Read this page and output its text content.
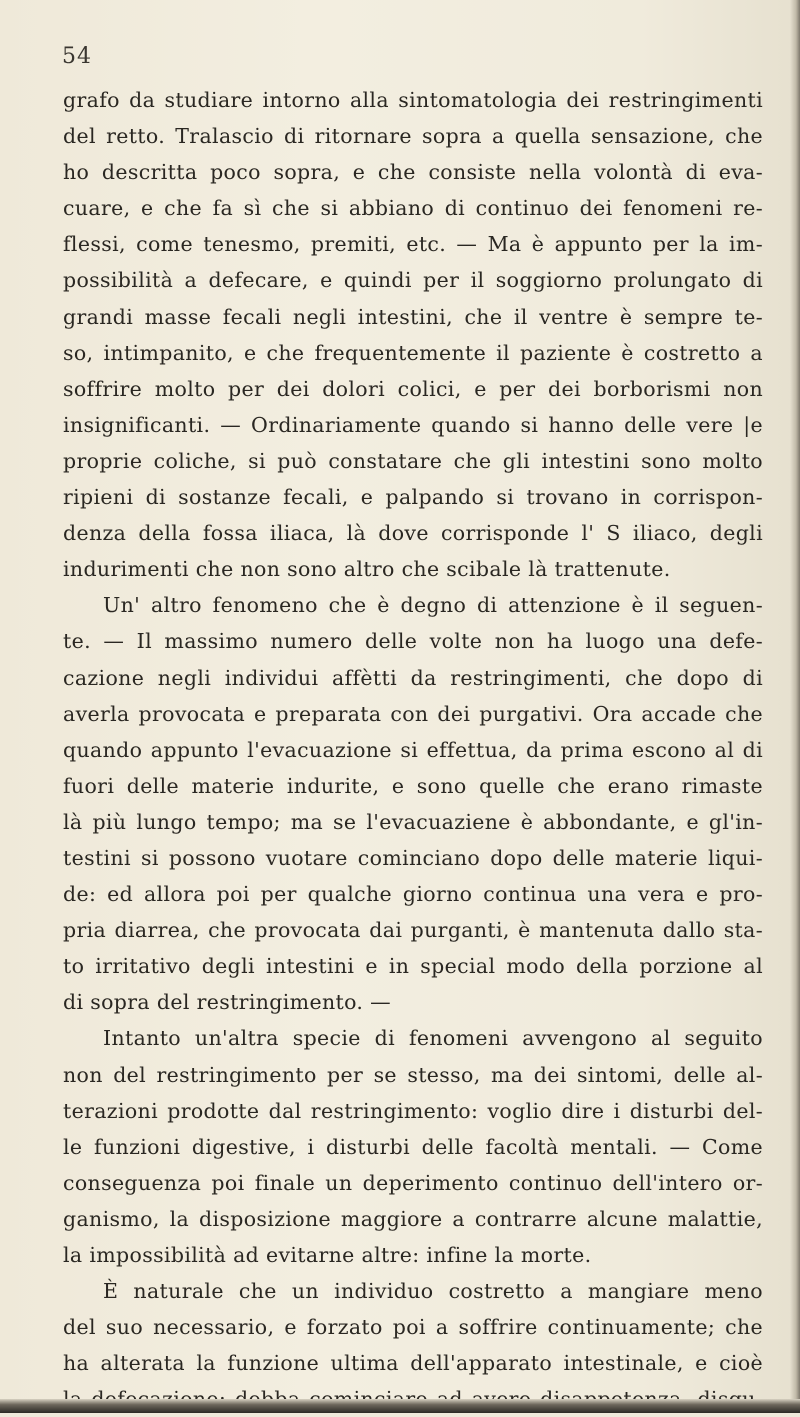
54
grafo da studiare intorno alla sintomatologia dei restringimenti
del retto. Tralascio di ritornare sopra a quella sensazione, che
ho descritta poco sopra, e che consiste nella volontà di eva-
cuare, e che fa sì che si abbiano di continuo dei fenomeni re-
flessi, come tenesmo, premiti, etc. — Ma è appunto per la im-
possibilità a defecare, e quindi per il soggiorno prolungato di
grandi masse fecali negli intestini, che il ventre è sempre te-
so, intimpanito, e che frequentemente il paziente è costretto a
soffrire molto per dei dolori colici, e per dei borborismi non
insignificanti. — Ordinariamente quando si hanno delle vere |e
proprie coliche, si può constatare che gli intestini sono molto
ripieni di sostanze fecali, e palpando si trovano in corrispon-
denza della fossa iliaca, là dove corrisponde l' S iliaco, degli
indurimenti che non sono altro che scibale là trattenute.
Un' altro fenomeno che è degno di attenzione è il seguen-
te. — Il massimo numero delle volte non ha luogo una defe-
cazione negli individui affètti da restringimenti, che dopo di
averla provocata e preparata con dei purgativi. Ora accade che
quando appunto l'evacuazione si effettua, da prima escono al di
fuori delle materie indurite, e sono quelle che erano rimaste
là più lungo tempo; ma se l'evacuaziene è abbondante, e gl'in-
testini si possono vuotare cominciano dopo delle materie liqui-
de: ed allora poi per qualche giorno continua una vera e pro-
pria diarrea, che provocata dai purganti, è mantenuta dallo sta-
to irritativo degli intestini e in special modo della porzione al
di sopra del restringimento. —
Intanto un'altra specie di fenomeni avvengono al seguito
non del restringimento per se stesso, ma dei sintomi, delle al-
terazioni prodotte dal restringimento: voglio dire i disturbi del-
le funzioni digestive, i disturbi delle facoltà mentali. — Come
conseguenza poi finale un deperimento continuo dell'intero or-
ganismo, la disposizione maggiore a contrarre alcune malattie,
la impossibilità ad evitarne altre: infine la morte.
È naturale che un individuo costretto a mangiare meno
del suo necessario, e forzato poi a soffrire continuamente; che
ha alterata la funzione ultima dell'apparato intestinale, e cioè
